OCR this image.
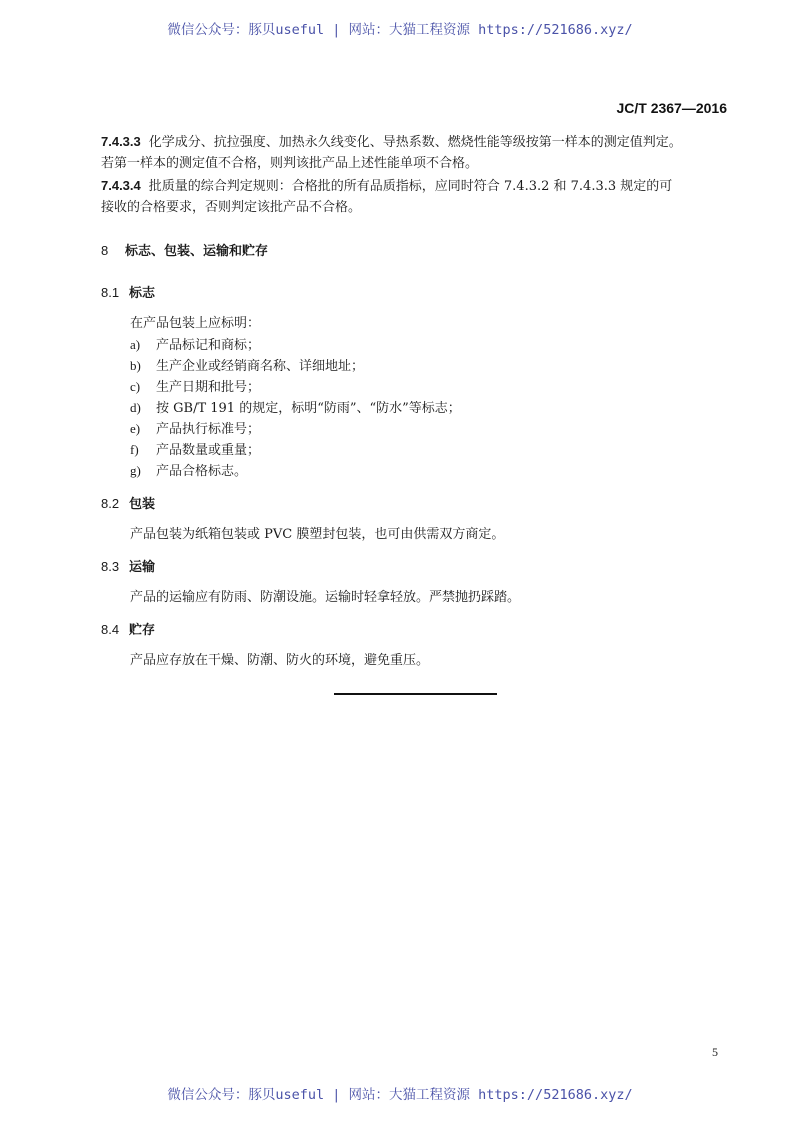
微信公众号：豚贝useful | 网站：大猫工程资源 https://521686.xyz/
JC/T 2367—2016
7.4.3.3 化学成分、抗拉强度、加热永久线变化、导热系数、燃烧性能等级按第一样本的测定值判定。
若第一样本的测定值不合格，则判该批产品上述性能单项不合格。
7.4.3.4 批质量的综合判定规则：合格批的所有品质指标，应同时符合 7.4.3.2 和 7.4.3.3 规定的可
接收的合格要求，否则判定该批产品不合格。
8 标志、包装、运输和贮存
8.1 标志
在产品包装上应标明：
a) 产品标记和商标；
b) 生产企业或经销商名称、详细地址；
c) 生产日期和批号；
d) 按 GB/T 191 的规定，标明“防雨”、“防水”等标志；
e) 产品执行标准号；
f) 产品数量或重量；
g) 产品合格标志。
8.2 包装
产品包装为纸箱包装或 PVC 膜塑封包装，也可由供需双方商定。
8.3 运输
产品的运输应有防雨、防潮设施。运输时轻拿轻放。严禁抛扔踩踏。
8.4 贮存
产品应存放在干燥、防潮、防火的环境，避免重压。
5
微信公众号：豚贝useful | 网站：大猫工程资源 https://521686.xyz/
